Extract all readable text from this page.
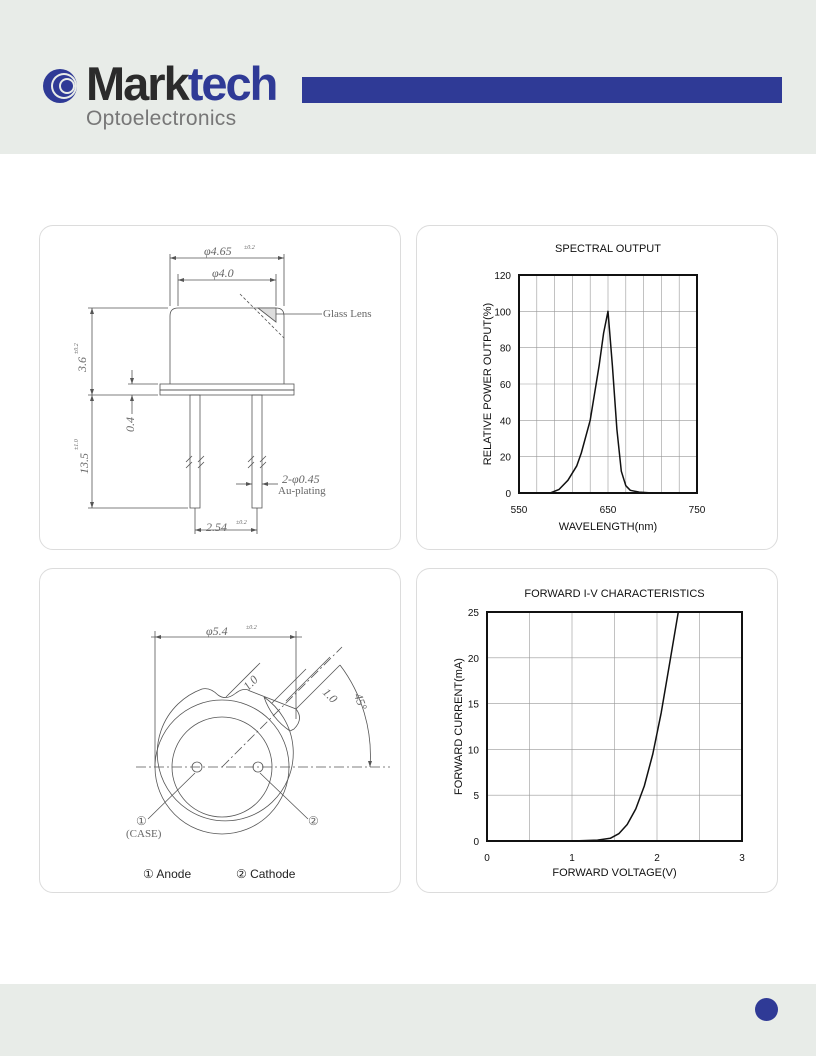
Marktech
Optoelectronics
φ4.65 ±0.2
φ4.0
Glass Lens
3.6
±0.2
0.4
13.5
±1.0
2-φ0.45
Au-plating
2.54 ±0.2
SPECTRAL OUTPUT
0
20
40
60
80
100
120
550	650	750
WAVELENGTH(nm)
RELATIVE POWER OUTPUT(%)
φ5.4	±0.2
1.0
1.0 45°
①
(CASE)
②
① Anode	② Cathode
FORWARD I-V CHARACTERISTICS
0
5
10
15
20
25
0	1	2	3
FORWARD VOLTAGE(V)
FORWARD CURRENT(mA)
